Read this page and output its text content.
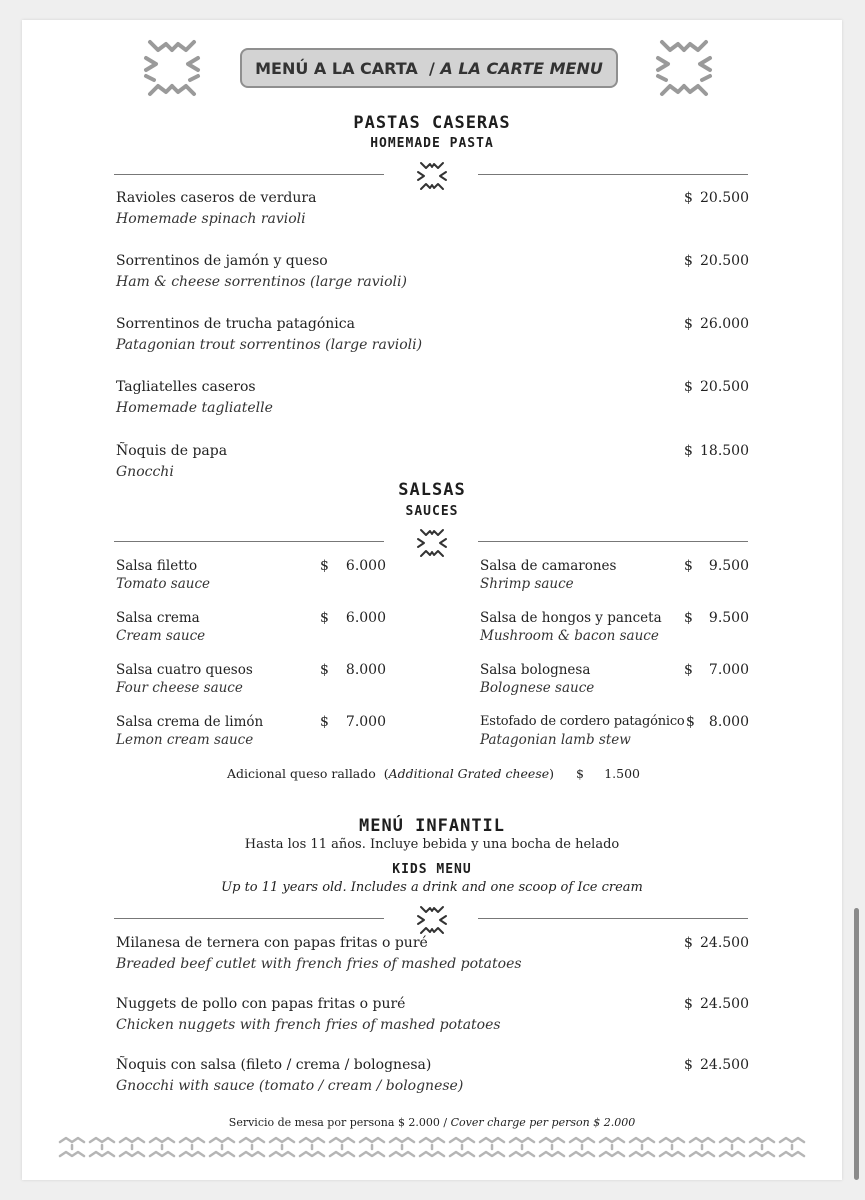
MENÚ A LA CARTA  / A LA CARTE MENU
PASTAS CASERAS
HOMEMADE PASTA
Ravioles caseros de verdura
Homemade spinach ravioli
$ 20.500
Sorrentinos de jamón y queso
Ham & cheese sorrentinos (large ravioli)
$ 20.500
Sorrentinos de trucha patagónica
Patagonian trout sorrentinos (large ravioli)
$ 26.000
Tagliatelles caseros
Homemade tagliatelle
$ 20.500
Ñoquis de papa
Gnocchi
$ 18.500
SALSAS
SAUCES
Salsa filetto
Tomato sauce
$	6.000
Salsa crema
Cream sauce
$	6.000
Salsa cuatro quesos
Four cheese sauce
$	8.000
Salsa crema de limón
Lemon cream sauce
$	7.000
Salsa de camarones
Shrimp sauce
$	9.500
Salsa de hongos y panceta
Mushroom & bacon sauce
$	9.500
Salsa bolognesa
Bolognese sauce
$	7.000
Estofado de cordero patagónico
Patagonian lamb stew
$ 8.000
Adicional queso rallado  (Additional Grated cheese) $	1.500
MENÚ INFANTIL
Hasta los 11 años. Incluye bebida y una bocha de helado
KIDS MENU
Up to 11 years old. Includes a drink and one scoop of Ice cream
Milanesa de ternera con papas fritas o puré
Breaded beef cutlet with french fries of mashed potatoes
$ 24.500
Nuggets de pollo con papas fritas o puré
Chicken nuggets with french fries of mashed potatoes
$ 24.500
Ñoquis con salsa (fileto / crema / bolognesa)
Gnocchi with sauce (tomato / cream / bolognese)
$ 24.500
Servicio de mesa por persona $ 2.000 / Cover charge per person $ 2.000
